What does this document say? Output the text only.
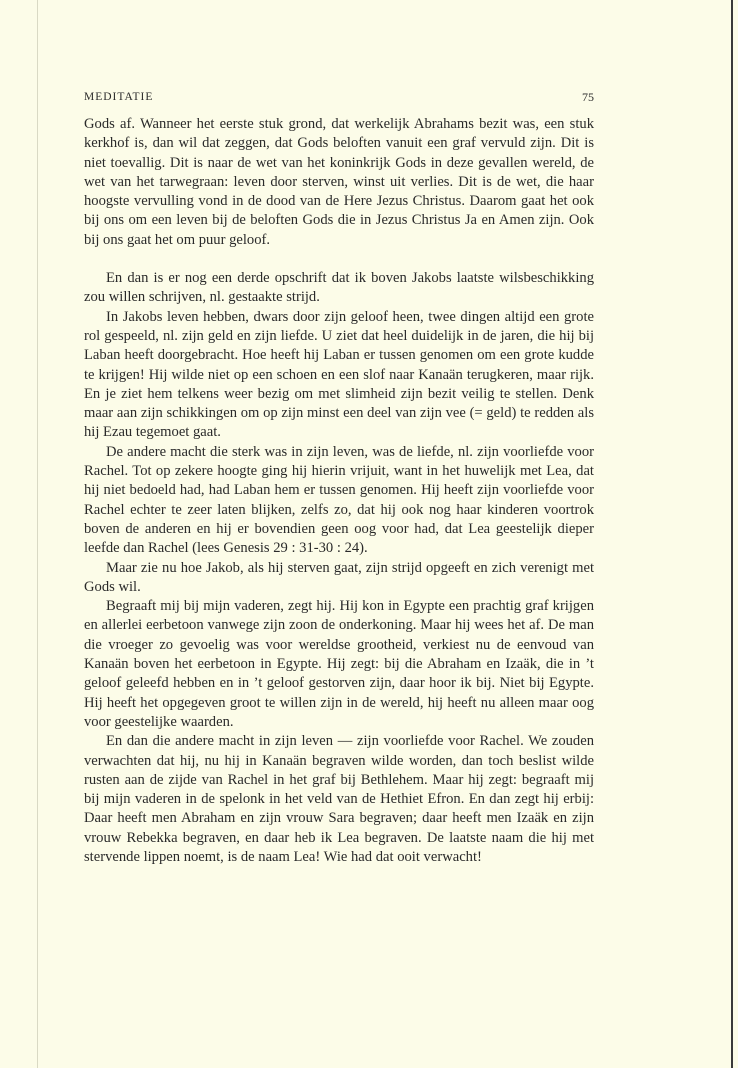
MEDITATIE	75

Gods af. Wanneer het eerste stuk grond, dat werkelijk Abrahams bezit was, een stuk kerkhof is, dan wil dat zeggen, dat Gods beloften vanuit een graf vervuld zijn. Dit is niet toevallig. Dit is naar de wet van het koninkrijk Gods in deze gevallen wereld, de wet van het tarwegraan: leven door sterven, winst uit verlies. Dit is de wet, die haar hoogste vervulling vond in de dood van de Here Jezus Christus. Daarom gaat het ook bij ons om een leven bij de beloften Gods die in Jezus Christus Ja en Amen zijn. Ook bij ons gaat het om puur geloof.

En dan is er nog een derde opschrift dat ik boven Jakobs laatste wilsbeschikking zou willen schrijven, nl. gestaakte strijd.

In Jakobs leven hebben, dwars door zijn geloof heen, twee dingen altijd een grote rol gespeeld, nl. zijn geld en zijn liefde. U ziet dat heel duidelijk in de jaren, die hij bij Laban heeft doorgebracht. Hoe heeft hij Laban er tussen genomen om een grote kudde te krijgen! Hij wilde niet op een schoen en een slof naar Kanaän terugkeren, maar rijk. En je ziet hem telkens weer bezig om met slimheid zijn bezit veilig te stellen. Denk maar aan zijn schikkingen om op zijn minst een deel van zijn vee (= geld) te redden als hij Ezau tegemoet gaat.

De andere macht die sterk was in zijn leven, was de liefde, nl. zijn voorliefde voor Rachel. Tot op zekere hoogte ging hij hierin vrijuit, want in het huwelijk met Lea, dat hij niet bedoeld had, had Laban hem er tussen genomen. Hij heeft zijn voorliefde voor Rachel echter te zeer laten blijken, zelfs zo, dat hij ook nog haar kinderen voortrok boven de anderen en hij er bovendien geen oog voor had, dat Lea geestelijk dieper leefde dan Rachel (lees Genesis 29 : 31-30 : 24).

Maar zie nu hoe Jakob, als hij sterven gaat, zijn strijd opgeeft en zich verenigt met Gods wil.

Begraaft mij bij mijn vaderen, zegt hij. Hij kon in Egypte een prachtig graf krijgen en allerlei eerbetoon vanwege zijn zoon de onderkoning. Maar hij wees het af. De man die vroeger zo gevoelig was voor wereldse grootheid, verkiest nu de eenvoud van Kanaän boven het eerbetoon in Egypte. Hij zegt: bij die Abraham en Izaäk, die in ’t geloof geleefd hebben en in ’t geloof gestorven zijn, daar hoor ik bij. Niet bij Egypte. Hij heeft het opgegeven groot te willen zijn in de wereld, hij heeft nu alleen maar oog voor geestelijke waarden.

En dan die andere macht in zijn leven — zijn voorliefde voor Rachel. We zouden verwachten dat hij, nu hij in Kanaän begraven wilde worden, dan toch beslist wilde rusten aan de zijde van Rachel in het graf bij Bethlehem. Maar hij zegt: begraaft mij bij mijn vaderen in de spelonk in het veld van de Hethiet Efron. En dan zegt hij erbij: Daar heeft men Abraham en zijn vrouw Sara begraven; daar heeft men Izaäk en zijn vrouw Rebekka begraven, en daar heb ik Lea begraven. De laatste naam die hij met stervende lippen noemt, is de naam Lea! Wie had dat ooit verwacht!
